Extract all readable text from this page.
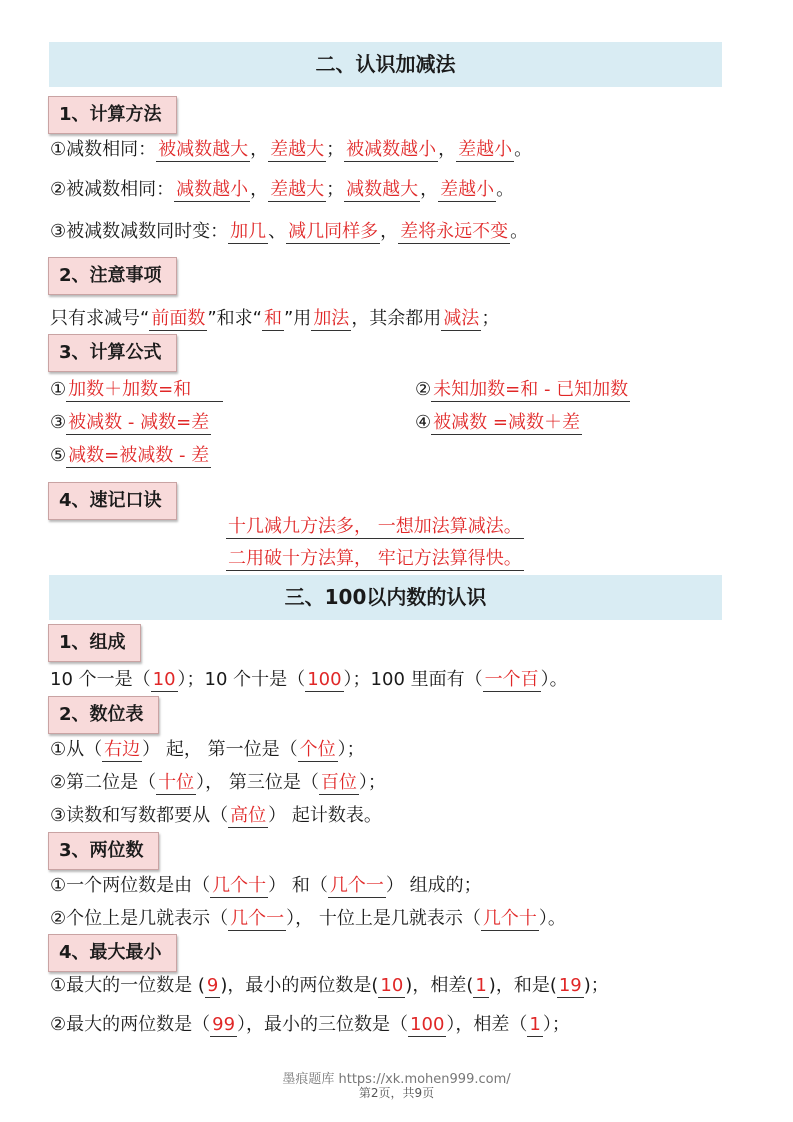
二、认识加减法
1、计算方法
①减数相同： 被减数越大 ， 差越大 ； 被减数越小 ， 差越小 。
②被减数相同： 减数越小 ， 差越大 ； 减数越大 ， 差越小 。
③被减数减数同时变： 加几 、 减几同样多 ， 差将永远不变 。
2、注意事项
只有求减号“ 前面数 ”和求“ 和 ”用 加法 ，其余都用 减法 ；
3、计算公式
① 加数＋加数=和	② 未知加数=和 - 已知加数
③ 被减数 - 减数=差	④ 被减数 =减数＋差
⑤ 减数=被减数 - 差
4、速记口诀
十几减九方法多， 一想加法算减法。
二用破十方法算， 牢记方法算得快。
三、100以内数的认识
1、组成
10 个一是（ 10 ）；10 个十是（ 100 ）；100 里面有（ 一个百 ）。
2、数位表
①从（ 右边 ） 起， 第一位是（ 个位 ）；
②第二位是（ 十位 ）， 第三位是（ 百位 ）；
③读数和写数都要从（ 高位 ） 起计数表。
3、两位数
①一个两位数是由（ 几个十 ） 和（ 几个一 ） 组成的；
②个位上是几就表示（ 几个一 ）， 十位上是几就表示（ 几个十 ）。
4、最大最小
①最大的一位数是 ( 9 )，最小的两位数是( 10 )，相差( 1 )，和是( 19 )；
②最大的两位数是（ 99 ），最小的三位数是（ 100 ），相差（ 1 ）；
墨痕题库 https://xk.mohen999.com/
第2页，共9页
